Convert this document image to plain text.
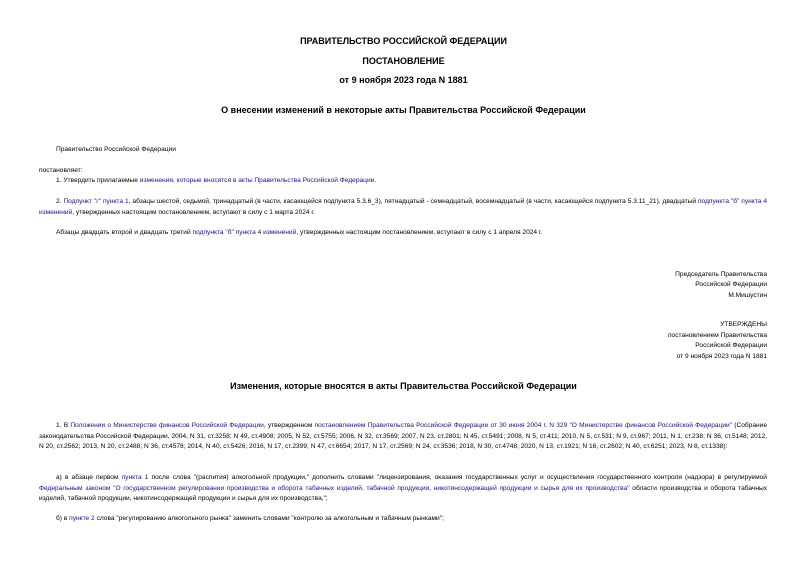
ПРАВИТЕЛЬСТВО РОССИЙСКОЙ ФЕДЕРАЦИИ
ПОСТАНОВЛЕНИЕ
от 9 ноября 2023 года N 1881
О внесении изменений в некоторые акты Правительства Российской Федерации
Правительство Российской Федерации
постановляет:
1. Утвердить прилагаемые изменения, которые вносятся в акты Правительства Российской Федерации.
2. Подпункт "г" пункта 1, абзацы шестой, седьмой, тринадцатый (в части, касающейся подпункта 5.3.6_3), пятнадцатый - семнадцатый, восемнадцатый (в части, касающейся подпункта 5.3.11_21), двадцатый подпункта "б" пункта 4 изменений, утвержденных настоящим постановлением, вступают в силу с 1 марта 2024 г.
Абзацы двадцать второй и двадцать третий подпункта "б" пункта 4 изменений, утвержденных настоящим постановлением, вступают в силу с 1 апреля 2024 г.
Председатель Правительства
Российской Федерации
М.Мишустин
УТВЕРЖДЕНЫ
постановлением Правительства
Российской Федерации
от 9 ноября 2023 года N 1881
Изменения, которые вносятся в акты Правительства Российской Федерации
1. В Положении о Министерстве финансов Российской Федерации, утвержденном постановлением Правительства Российской Федерации от 30 июня 2004 г. N 329 "О Министерстве финансов Российской Федерации" (Собрание законодательства Российской Федерации, 2004, N 31, ст.3258; N 49, ст.4908; 2005, N 52, ст.5755; 2006, N 32, ст.3569; 2007, N 23, ст.2801; N 45, ст.5491; 2008, N 5, ст.411; 2010, N 5, ст.531; N 9, ст.967; 2011, N 1, ст.238; N 36, ст.5148; 2012, N 20, ст.2562; 2013, N 20, ст.2488; N 36, ст.4578; 2014, N 40, ст.5426; 2016, N 17, ст.2399; N 47, ст.6654; 2017, N 17, ст.2569; N 24, ст.3536; 2018, N 30, ст.4748; 2020, N 13, ст.1921; N 16, ст.2602; N 40, ст.6251; 2023, N 8, ст.1338):
а) в абзаце первом пункта 1 после слова "(распития) алкогольной продукции," дополнить словами "лицензирования, оказания государственных услуг и осуществления государственного контроля (надзора) в регулируемой Федеральным законом "О государственном регулировании производства и оборота табачных изделий, табачной продукции, никотинсодержащей продукции и сырья для их производства" области производства и оборота табачных изделий, табачной продукции, никотинсодержащей продукции и сырья для их производства,";
б) в пункте 2 слова "регулированию алкогольного рынка" заменить словами "контролю за алкогольным и табачным рынками";
